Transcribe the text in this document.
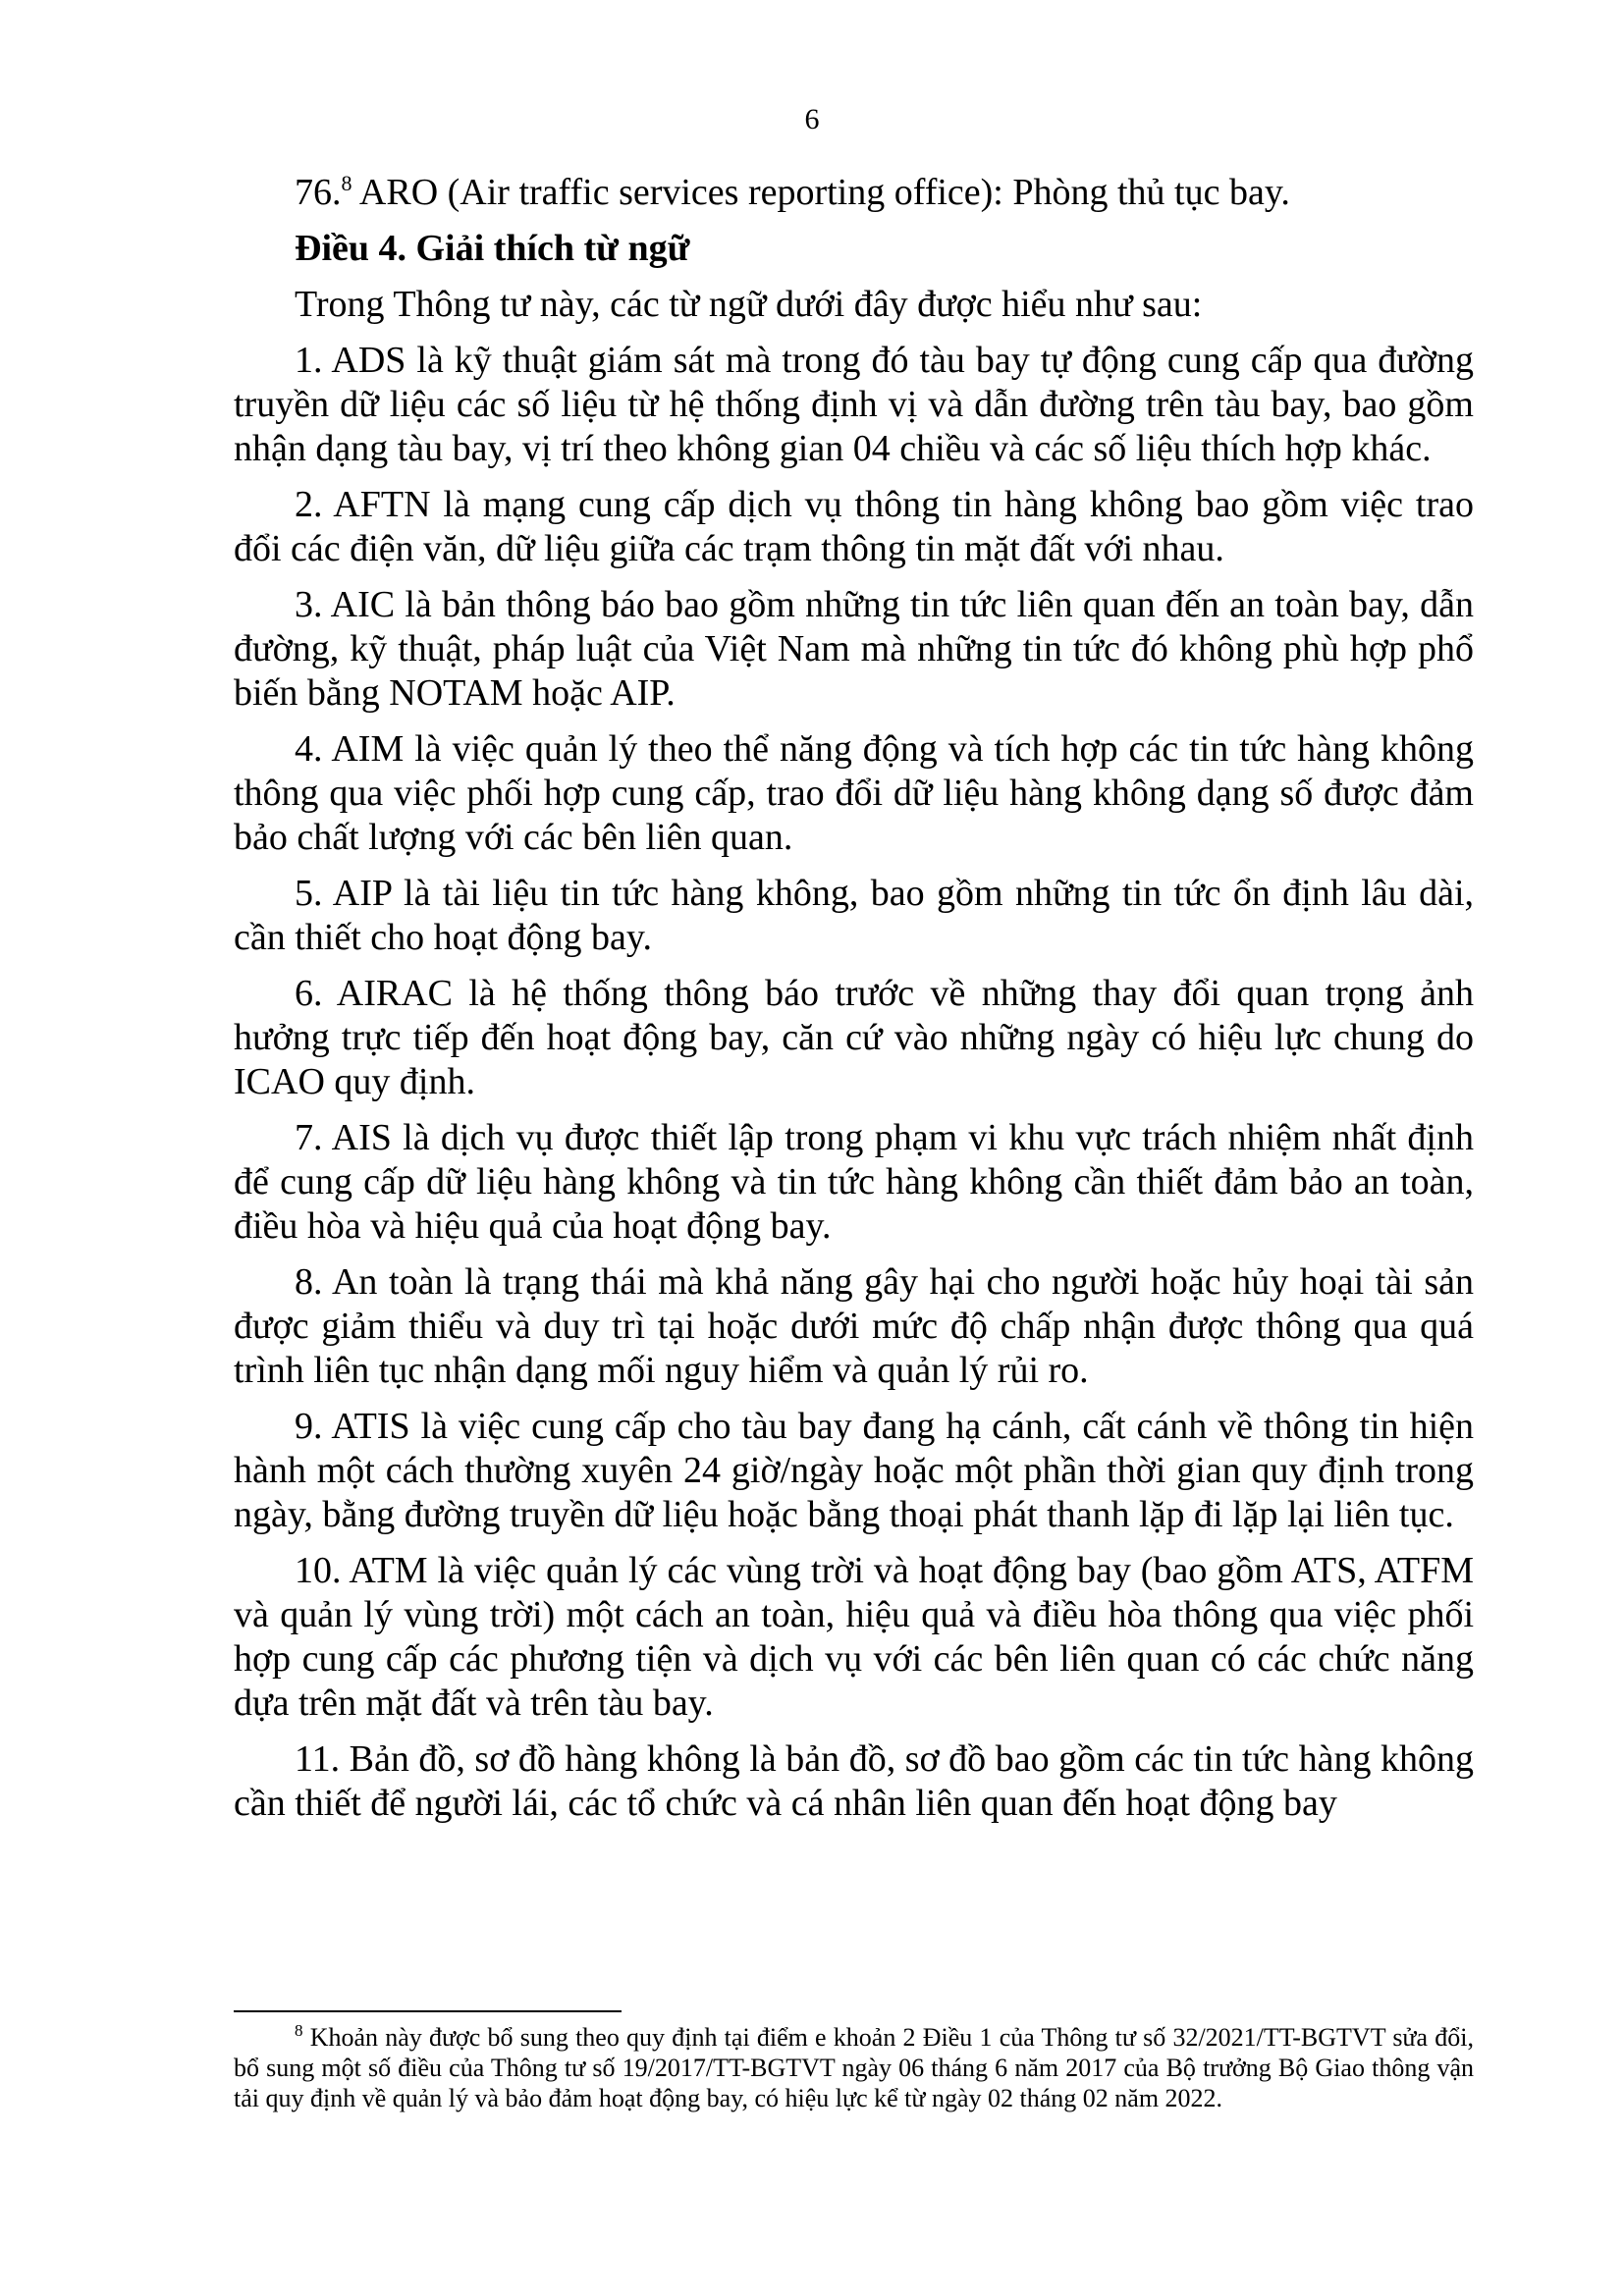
6

76.$^8$ ARO (Air traffic services reporting office): Phòng thủ tục bay.

Điều 4. Giải thích từ ngữ

Trong Thông tư này, các từ ngữ dưới đây được hiểu như sau:

1. ADS là kỹ thuật giám sát mà trong đó tàu bay tự động cung cấp qua đường truyền dữ liệu các số liệu từ hệ thống định vị và dẫn đường trên tàu bay, bao gồm nhận dạng tàu bay, vị trí theo không gian 04 chiều và các số liệu thích hợp khác.

2. AFTN là mạng cung cấp dịch vụ thông tin hàng không bao gồm việc trao đổi các điện văn, dữ liệu giữa các trạm thông tin mặt đất với nhau.

3. AIC là bản thông báo bao gồm những tin tức liên quan đến an toàn bay, dẫn đường, kỹ thuật, pháp luật của Việt Nam mà những tin tức đó không phù hợp phổ biến bằng NOTAM hoặc AIP.

4. AIM là việc quản lý theo thể năng động và tích hợp các tin tức hàng không thông qua việc phối hợp cung cấp, trao đổi dữ liệu hàng không dạng số được đảm bảo chất lượng với các bên liên quan.

5. AIP là tài liệu tin tức hàng không, bao gồm những tin tức ổn định lâu dài, cần thiết cho hoạt động bay.

6. AIRAC là hệ thống thông báo trước về những thay đổi quan trọng ảnh hưởng trực tiếp đến hoạt động bay, căn cứ vào những ngày có hiệu lực chung do ICAO quy định.

7. AIS là dịch vụ được thiết lập trong phạm vi khu vực trách nhiệm nhất định để cung cấp dữ liệu hàng không và tin tức hàng không cần thiết đảm bảo an toàn, điều hòa và hiệu quả của hoạt động bay.

8. An toàn là trạng thái mà khả năng gây hại cho người hoặc hủy hoại tài sản được giảm thiểu và duy trì tại hoặc dưới mức độ chấp nhận được thông qua quá trình liên tục nhận dạng mối nguy hiểm và quản lý rủi ro.

9. ATIS là việc cung cấp cho tàu bay đang hạ cánh, cất cánh về thông tin hiện hành một cách thường xuyên 24 giờ/ngày hoặc một phần thời gian quy định trong ngày, bằng đường truyền dữ liệu hoặc bằng thoại phát thanh lặp đi lặp lại liên tục.

10. ATM là việc quản lý các vùng trời và hoạt động bay (bao gồm ATS, ATFM và quản lý vùng trời) một cách an toàn, hiệu quả và điều hòa thông qua việc phối hợp cung cấp các phương tiện và dịch vụ với các bên liên quan có các chức năng dựa trên mặt đất và trên tàu bay.

11. Bản đồ, sơ đồ hàng không là bản đồ, sơ đồ bao gồm các tin tức hàng không cần thiết để người lái, các tổ chức và cá nhân liên quan đến hoạt động bay

$^8$ Khoản này được bổ sung theo quy định tại điểm e khoản 2 Điều 1 của Thông tư số 32/2021/TT-BGTVT sửa đổi, bổ sung một số điều của Thông tư số 19/2017/TT-BGTVT ngày 06 tháng 6 năm 2017 của Bộ trưởng Bộ Giao thông vận tải quy định về quản lý và bảo đảm hoạt động bay, có hiệu lực kể từ ngày 02 tháng 02 năm 2022.
